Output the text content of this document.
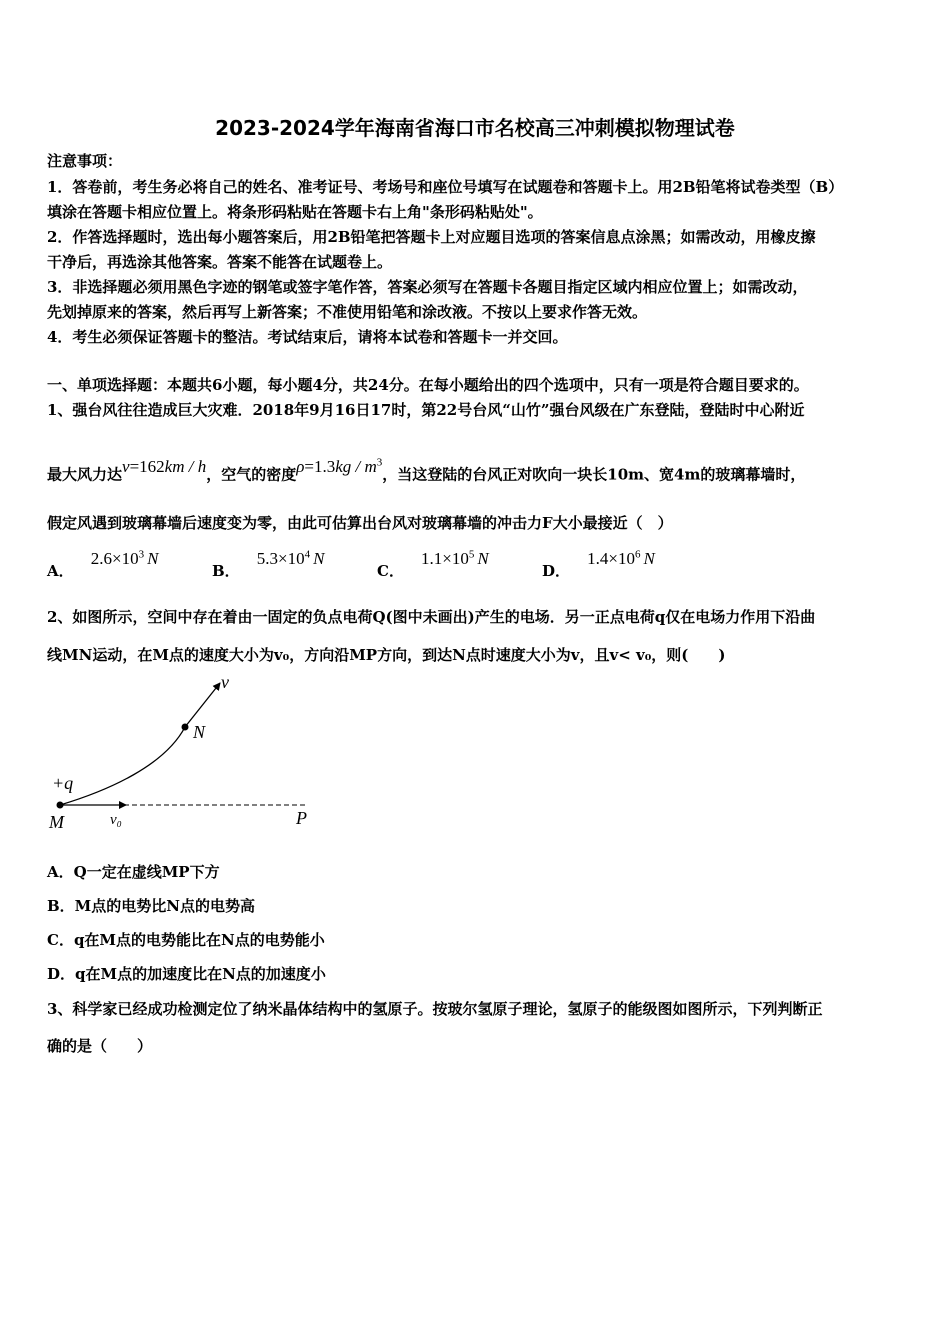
2023-2024学年海南省海口市名校高三冲刺模拟物理试卷
注意事项：
1．答卷前，考生务必将自己的姓名、准考证号、考场号和座位号填写在试题卷和答题卡上。用2B铅笔将试卷类型（B）
填涂在答题卡相应位置上。将条形码粘贴在答题卡右上角"条形码粘贴处"。
2．作答选择题时，选出每小题答案后，用2B铅笔把答题卡上对应题目选项的答案信息点涂黑；如需改动，用橡皮擦
干净后，再选涂其他答案。答案不能答在试题卷上。
3．非选择题必须用黑色字迹的钢笔或签字笔作答，答案必须写在答题卡各题目指定区域内相应位置上；如需改动，
先划掉原来的答案，然后再写上新答案；不准使用铅笔和涂改液。不按以上要求作答无效。
4．考生必须保证答题卡的整洁。考试结束后，请将本试卷和答题卡一并交回。
一、单项选择题：本题共6小题，每小题4分，共24分。在每小题给出的四个选项中，只有一项是符合题目要求的。
1、强台风往往造成巨大灾难．2018年9月16日17时，第22号台风“山竹”强台风级在广东登陆，登陆时中心附近
最大风力达v=162km / h，空气的密度$\rho=1.3kg / m^3$，当这登陆的台风正对吹向一块长10m、宽4m的玻璃幕墙时，
假定风遇到玻璃幕墙后速度变为零，由此可估算出台风对玻璃幕墙的冲击力F大小最接近（　）
A． $2.6\times 10^3$ N
B． $5.3\times 10^4$ N
C． $1.1\times 10^5$ N
D． $1.4\times 10^6$ N
2、如图所示，空间中存在着由一固定的负点电荷Q(图中未画出)产生的电场．另一正点电荷q仅在电场力作用下沿曲
线MN运动，在M点的速度大小为v₀，方向沿MP方向，到达N点时速度大小为v，且v< v₀，则(　　)
v
N
+q
M	v₀	P
A．Q一定在虚线MP下方
B．M点的电势比N点的电势高
C．q在M点的电势能比在N点的电势能小
D．q在M点的加速度比在N点的加速度小
3、科学家已经成功检测定位了纳米晶体结构中的氢原子。按玻尔氢原子理论，氢原子的能级图如图所示，下列判断正
确的是（　　）
